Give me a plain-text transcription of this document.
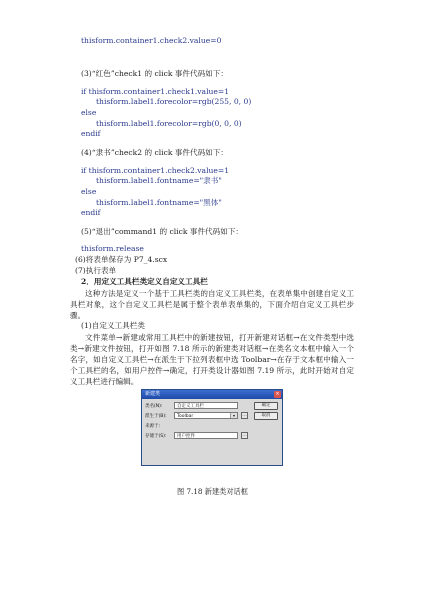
thisform.container1.check2.value=0
(3)“红色”check1 的 click 事件代码如下：
if thisform.container1.check1.value=1
thisform.label1.forecolor=rgb(255, 0, 0)
else
thisform.label1.forecolor=rgb(0, 0, 0)
endif
(4)“隶书”check2 的 click 事件代码如下：
if thisform.container1.check2.value=1
thisform.label1.fontname="隶书"
else
thisform.label1.fontname="黑体"
endif
(5)“退出”command1 的 click 事件代码如下：
thisform.release
(6)将表单保存为 P7_4.scx
(7)执行表单
2．用定义工具栏类定义自定义工具栏
这种方法是定义一个基于工具栏类的自定义工具栏类，在表单集中创建自定义工具栏对象，这个自定义工具栏是属于整个表单表单集的，下面介绍自定义工具栏步骤。
(1)自定义工具栏类
文件菜单→新建或常用工具栏中的新建按钮，打开新建对话框→在文件类型中选类→新建文件按钮，打开如图 7.18 所示的新建类对话框→在类名文本框中输入一个名字，如自定义工具栏→在派生于下拉列表框中选 Toolbar→在存于文本框中输入一个工具栏的名，如用户控件→确定，打开类设计器如图 7.19 所示，此时开始对自定义工具栏进行编辑。
新建类	×
类名(N):	自定义工具栏	确定
派生于(B):	Toolbar	▾	…	取消
来源于:
存储于(S):	用户控件	…
图 7.18 新建类对话框
